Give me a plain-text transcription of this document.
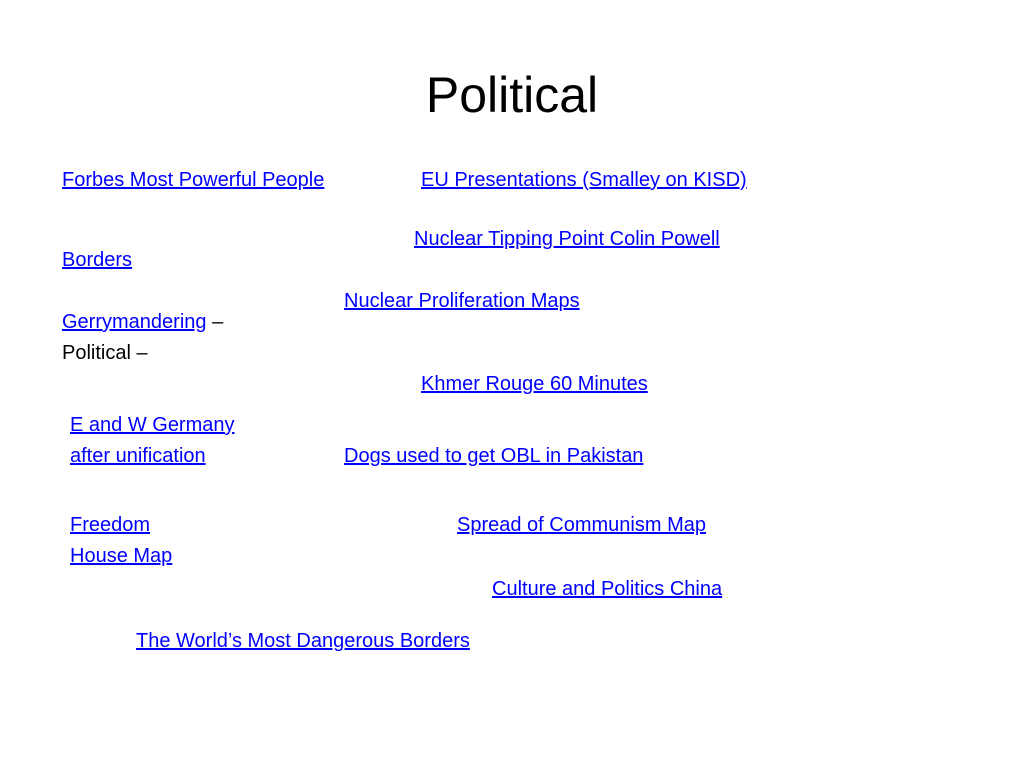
Political
Forbes Most Powerful People	EU Presentations (Smalley on KISD)
Nuclear Tipping Point Colin Powell
Borders
Nuclear Proliferation Maps
Gerrymandering –
Political –
Khmer Rouge 60 Minutes
E and W Germany
after unification	Dogs used to get OBL in Pakistan
Freedom
House Map
Spread of Communism Map
Culture and Politics China
The World’s Most Dangerous Borders
